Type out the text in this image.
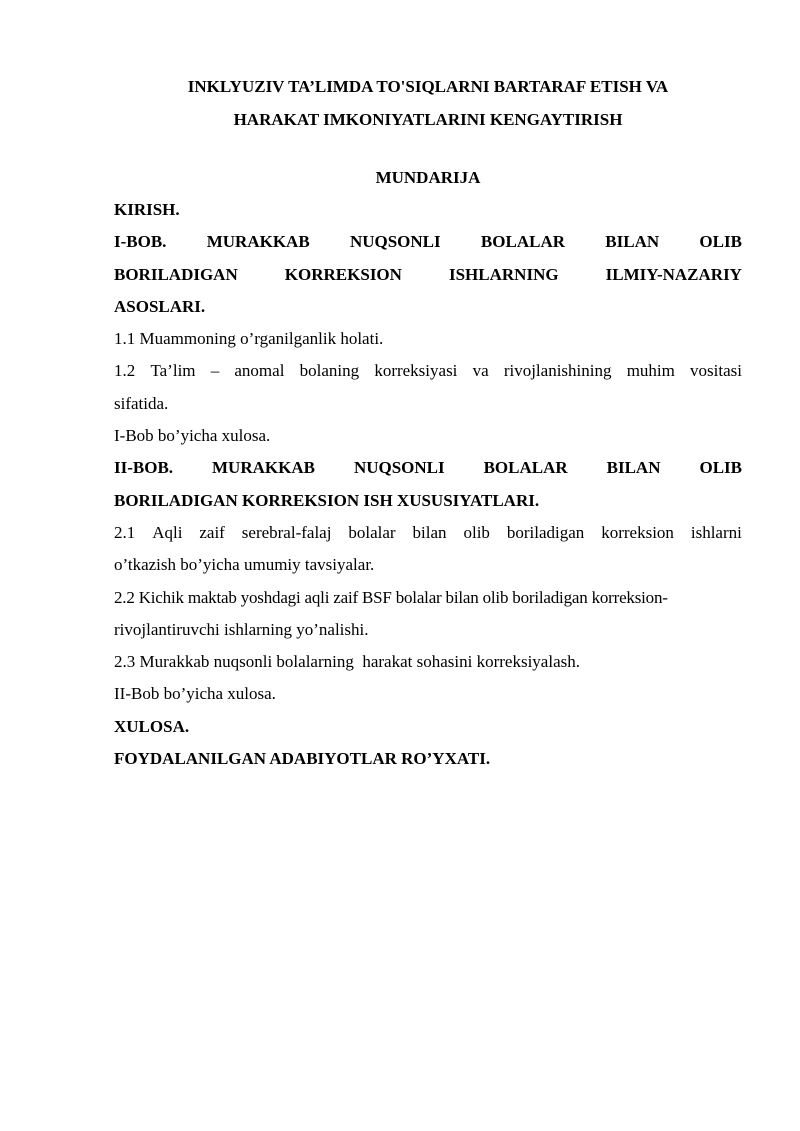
INKLYUZIV TA’LIMDA TO'SIQLARNI BARTARAF ETISH VA

HARAKAT IMKONIYATLARINI KENGAYTIRISH

MUNDARIJA

KIRISH.

I-BOB. MURAKKAB NUQSONLI BOLALAR BILAN OLIB
BORILADIGAN	KORREKSION	ISHLARNING	ILMIY-NAZARIY

ASOSLARI.

1.1 Muammoning o’rganilganlik holati.

1.2 Ta’lim – anomal bolaning korreksiyasi va rivojlanishining muhim vositasi

sifatida.

I-Bob bo’yicha xulosa.

II-BOB. MURAKKAB NUQSONLI BOLALAR BILAN OLIB

BORILADIGAN KORREKSION ISH XUSUSIYATLARI.

2.1 Aqli zaif serebral-falaj bolalar bilan olib boriladigan korreksion ishlarni

o’tkazish bo’yicha umumiy tavsiyalar.

2.2 Kichik maktab yoshdagi aqli zaif BSF bolalar bilan olib boriladigan korreksion-

rivojlantiruvchi ishlarning yo’nalishi.

2.3 Murakkab nuqsonli bolalarning  harakat sohasini korreksiyalash.

II-Bob bo’yicha xulosa.

XULOSA.

FOYDALANILGAN ADABIYOTLAR RO’YXATI.
